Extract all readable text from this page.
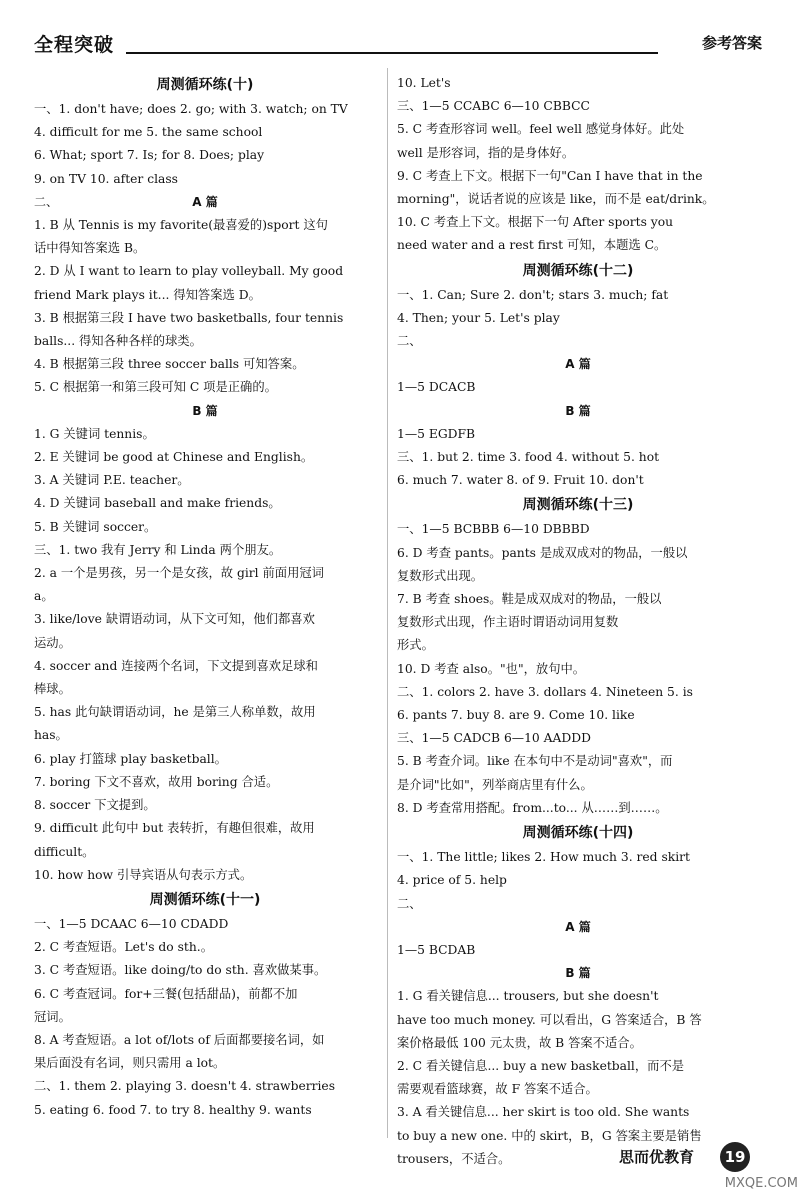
全程突破	参考答案

周测循环练(十)

一、1. don't have; does 2. go; with 3. watch; on TV

4. difficult for me 5. the same school

6. What; sport 7. Is; for 8. Does; play

9. on TV 10. after class

二、	A 篇

1. B 从 Tennis is my favorite(最喜爱的)sport 这句

话中得知答案选 B。

2. D 从 I want to learn to play volleyball. My good

friend Mark plays it... 得知答案选 D。

3. B 根据第三段 I have two basketballs, four tennis

balls... 得知各种各样的球类。

4. B 根据第三段 three soccer balls 可知答案。

5. C 根据第一和第三段可知 C 项是正确的。

B 篇

1. G 关键词 tennis。

2. E 关键词 be good at Chinese and English。

3. A 关键词 P.E. teacher。

4. D 关键词 baseball and make friends。

5. B 关键词 soccer。

三、1. two 我有 Jerry 和 Linda 两个朋友。

2. a 一个是男孩，另一个是女孩，故 girl 前面用冠词

a。

3. like/love 缺谓语动词，从下文可知，他们都喜欢

运动。

4. soccer and 连接两个名词，下文提到喜欢足球和

棒球。

5. has 此句缺谓语动词，he 是第三人称单数，故用

has。

6. play 打篮球 play basketball。

7. boring 下文不喜欢，故用 boring 合适。

8. soccer 下文提到。

9. difficult 此句中 but 表转折，有趣但很难，故用

difficult。

10. how how 引导宾语从句表示方式。

周测循环练(十一)

一、1—5 DCAAC 6—10 CDADD

2. C 考查短语。Let's do sth.。

3. C 考查短语。like doing/to do sth. 喜欢做某事。

6. C 考查冠词。for+三餐(包括甜品)，前都不加

冠词。

8. A 考查短语。a lot of/lots of 后面都要接名词，如

果后面没有名词，则只需用 a lot。

二、1. them 2. playing 3. doesn't 4. strawberries

5. eating 6. food 7. to try 8. healthy 9. wants

10. Let's

三、1—5 CCABC 6—10 CBBCC

5. C 考查形容词 well。feel well 感觉身体好。此处

well 是形容词，指的是身体好。

9. C 考查上下文。根据下一句"Can I have that in the

morning"，说话者说的应该是 like，而不是 eat/drink。

10. C 考查上下文。根据下一句 After sports you

need water and a rest first 可知，本题选 C。

周测循环练(十二)

一、1. Can; Sure 2. don't; stars 3. much; fat

4. Then; your 5. Let's play

二、

A 篇

1—5 DCACB

B 篇

1—5 EGDFB

三、1. but 2. time 3. food 4. without 5. hot

6. much 7. water 8. of 9. Fruit 10. don't

周测循环练(十三)

一、1—5 BCBBB 6—10 DBBBD

6. D 考查 pants。pants 是成双成对的物品，一般以

复数形式出现。

7. B 考查 shoes。鞋是成双成对的物品，一般以

复数形式出现，作主语时谓语动词用复数

形式。

10. D 考查 also。"也"，放句中。

二、1. colors 2. have 3. dollars 4. Nineteen 5. is

6. pants 7. buy 8. are 9. Come 10. like

三、1—5 CADCB 6—10 AADDD

5. B 考查介词。like 在本句中不是动词"喜欢"，而

是介词"比如"，列举商店里有什么。

8. D 考查常用搭配。from...to... 从……到……。

周测循环练(十四)

一、1. The little; likes 2. How much 3. red skirt

4. price of 5. help

二、

A 篇

1—5 BCDAB

B 篇

1. G 看关键信息... trousers, but she doesn't

have too much money. 可以看出，G 答案适合，B 答

案价格最低 100 元太贵，故 B 答案不适合。

2. C 看关键信息... buy a new basketball，而不是

需要观看篮球赛，故 F 答案不适合。

3. A 看关键信息... her skirt is too old. She wants

to buy a new one. 中的 skirt，B，G 答案主要是销售

trousers，不适合。	思而优教育	19
MXQE.COM
